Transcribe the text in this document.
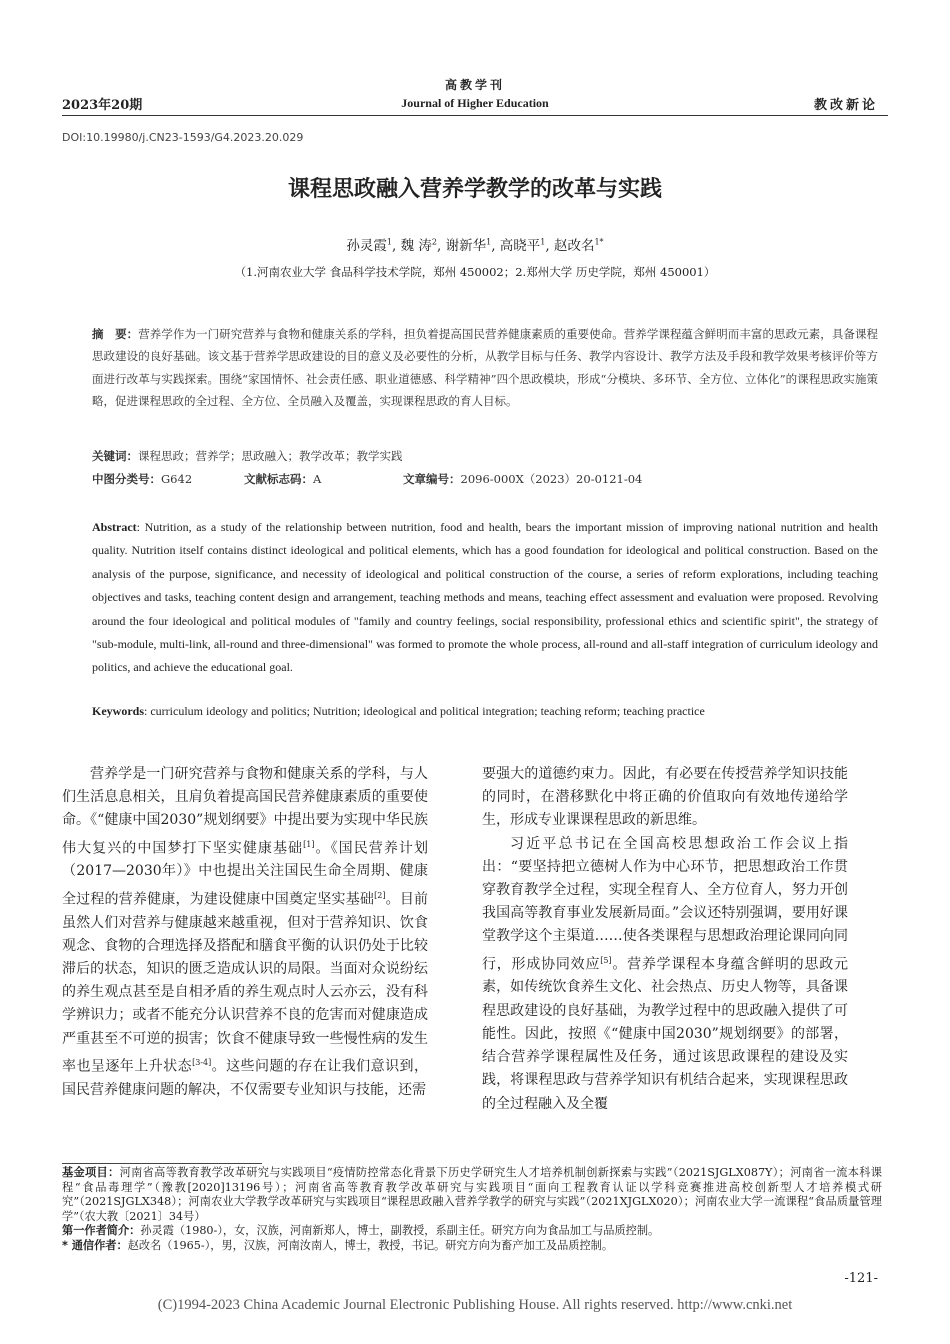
高教学刊
2023年20期	Journal of Higher Education	教改新论
DOI:10.19980/j.CN23-1593/G4.2023.20.029
课程思政融入营养学教学的改革与实践
孙灵霞$^1$, 魏 涛$^2$, 谢新华$^1$, 高晓平$^1$, 赵改名$^{1*}$
（1.河南农业大学 食品科学技术学院，郑州 450002；2.郑州大学 历史学院，郑州 450001）
摘　要：营养学作为一门研究营养与食物和健康关系的学科，担负着提高国民营养健康素质的重要使命。营养学课程蕴含鲜明而丰富的思政元素，具备课程思政建设的良好基础。该文基于营养学思政建设的目的意义及必要性的分析，从教学目标与任务、教学内容设计、教学方法及手段和教学效果考核评价等方面进行改革与实践探索。围绕“家国情怀、社会责任感、职业道德感、科学精神”四个思政模块，形成“分模块、多环节、全方位、立体化”的课程思政实施策略，促进课程思政的全过程、全方位、全员融入及覆盖，实现课程思政的育人目标。
关键词：课程思政；营养学；思政融入；教学改革；教学实践
中图分类号：G642	文献标志码：A	文章编号：2096-000X（2023）20-0121-04
Abstract: Nutrition, as a study of the relationship between nutrition, food and health, bears the important mission of improving national nutrition and health quality. Nutrition itself contains distinct ideological and political elements, which has a good foundation for ideological and political construction. Based on the analysis of the purpose, significance, and necessity of ideological and political construction of the course, a series of reform explorations, including teaching objectives and tasks, teaching content design and arrangement, teaching methods and means, teaching effect assessment and evaluation were proposed. Revolving around the four ideological and political modules of "family and country feelings, social responsibility, professional ethics and scientific spirit", the strategy of "sub-module, multi-link, all-round and three-dimensional" was formed to promote the whole process, all-round and all-staff integration of curriculum ideology and politics, and achieve the educational goal.
Keywords: curriculum ideology and politics; Nutrition; ideological and political integration; teaching reform; teaching practice

营养学是一门研究营养与食物和健康关系的学科，与人们生活息息相关，且肩负着提高国民营养健康素质的重要使命。《“健康中国2030”规划纲要》中提出要为实现中华民族伟大复兴的中国梦打下坚实健康基础[1]。《国民营养计划（2017—2030年）》中也提出关注国民生命全周期、健康全过程的营养健康，为建设健康中国奠定坚实基础[2]。目前虽然人们对营养与健康越来越重视，但对于营养知识、饮食观念、食物的合理选择及搭配和膳食平衡的认识仍处于比较滞后的状态，知识的匮乏造成认识的局限。当面对众说纷纭的养生观点甚至是自相矛盾的养生观点时人云亦云，没有科学辨识力；或者不能充分认识营养不良的危害而对健康造成严重甚至不可逆的损害；饮食不健康导致一些慢性病的发生率也呈逐年上升状态[3-4]。这些问题的存在让我们意识到，国民营养健康问题的解决，不仅需要专业知识与技能，还需

要强大的道德约束力。因此，有必要在传授营养学知识技能的同时，在潜移默化中将正确的价值取向有效地传递给学生，形成专业课课程思政的新思维。

习近平总书记在全国高校思想政治工作会议上指出：“要坚持把立德树人作为中心环节，把思想政治工作贯穿教育教学全过程，实现全程育人、全方位育人，努力开创我国高等教育事业发展新局面。”会议还特别强调，要用好课堂教学这个主渠道……使各类课程与思想政治理论课同向同行，形成协同效应[5]。营养学课程本身蕴含鲜明的思政元素，如传统饮食养生文化、社会热点、历史人物等，具备课程思政建设的良好基础，为教学过程中的思政融入提供了可能性。因此，按照《“健康中国2030”规划纲要》的部署，结合营养学课程属性及任务，通过该思政课程的建设及实践，将课程思政与营养学知识有机结合起来，实现课程思政的全过程融入及全覆

基金项目：河南省高等教育教学改革研究与实践项目“疫情防控常态化背景下历史学研究生人才培养机制创新探索与实践”（2021SJGLX087Y）；河南省一流本科课程“食品毒理学”（豫教[2020]13196号）；河南省高等教育教学改革研究与实践项目“面向工程教育认证以学科竞赛推进高校创新型人才培养模式研究”（2021SJGLX348）；河南农业大学教学改革研究与实践项目“课程思政融入营养学教学的研究与实践”（2021XJGLX020）；河南农业大学一流课程“食品质量管理学”（农大教〔2021〕34号）

第一作者简介：孙灵霞（1980-），女，汉族，河南新郑人，博士，副教授，系副主任。研究方向为食品加工与品质控制。

* 通信作者：赵改名（1965-），男，汉族，河南汝南人，博士，教授，书记。研究方向为畜产加工及品质控制。

-121-
(C)1994-2023 China Academic Journal Electronic Publishing House. All rights reserved. http://www.cnki.net
